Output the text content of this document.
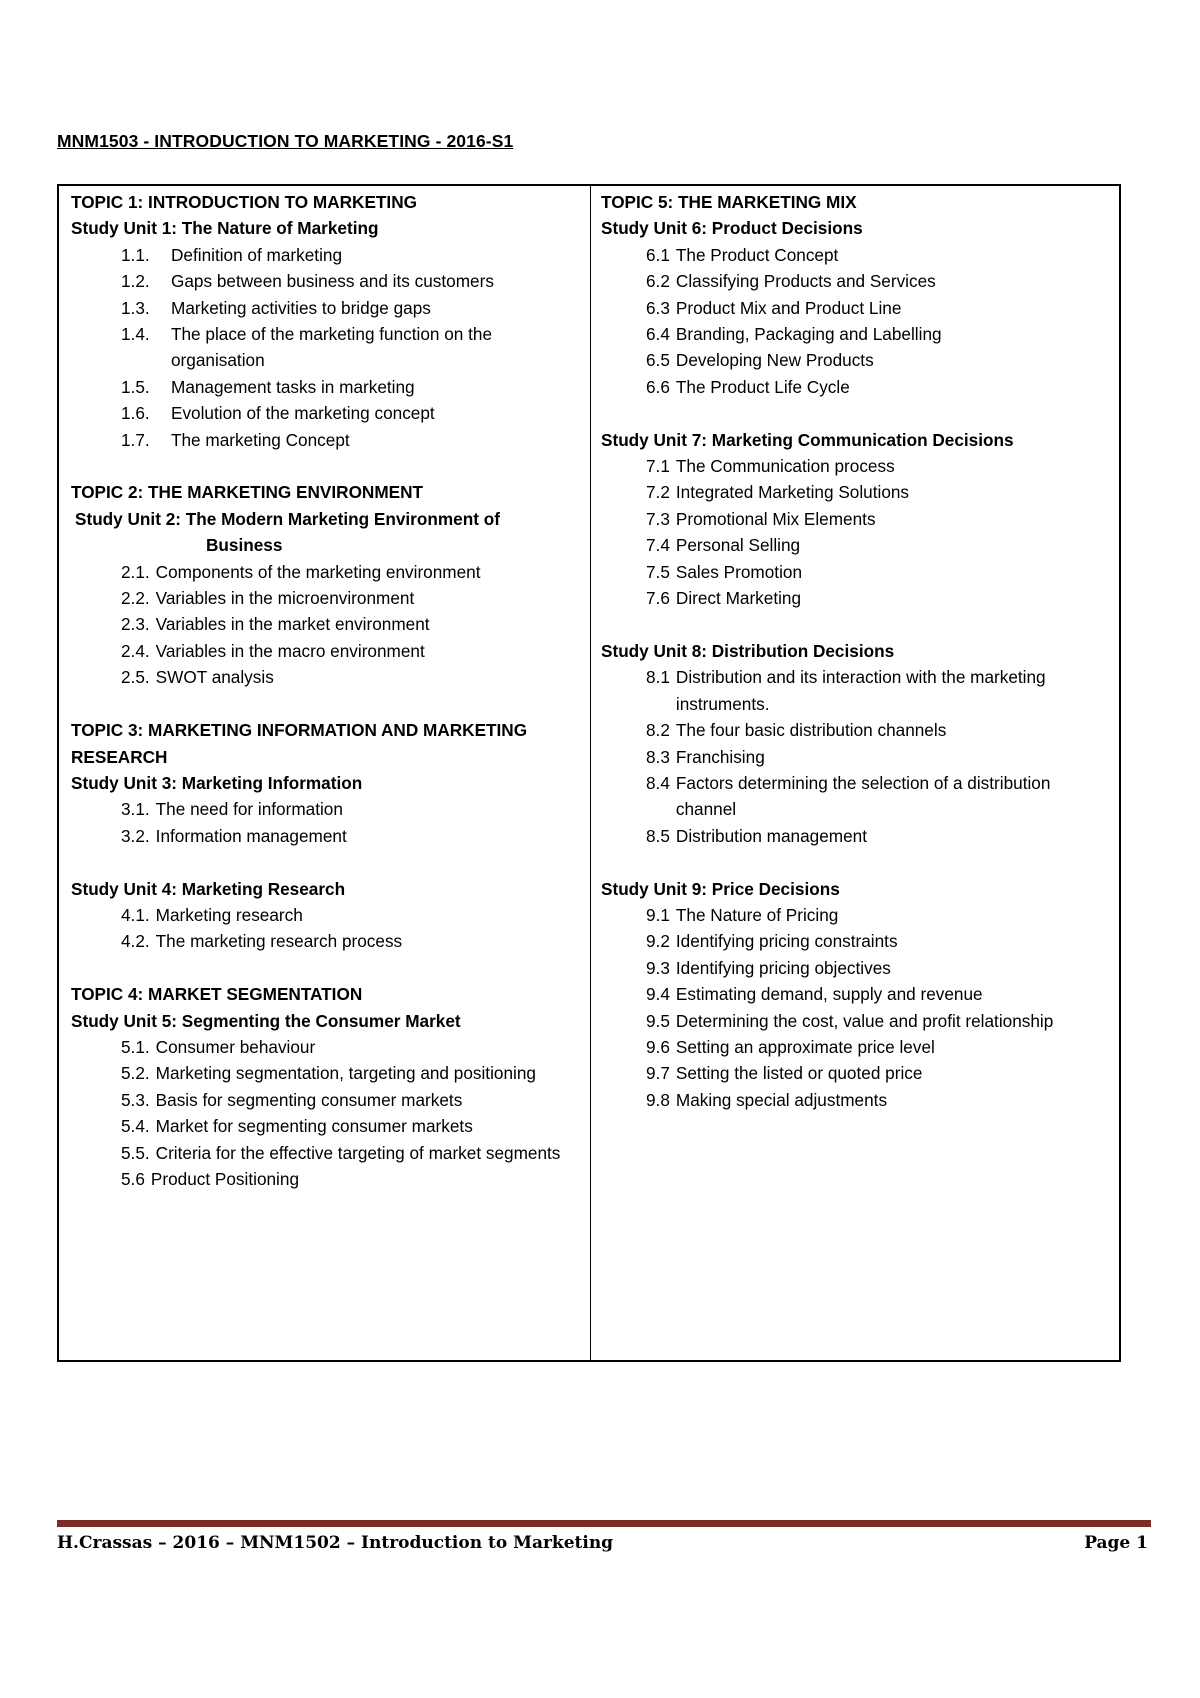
MNM1503 - INTRODUCTION TO MARKETING - 2016-S1
TOPIC 1: INTRODUCTION TO MARKETING
Study Unit 1: The Nature of Marketing
1.1.	Definition of marketing
1.2.	Gaps between business and its customers
1.3.	Marketing activities to bridge gaps
1.4.	The place of the marketing function on the organisation
1.5.	Management tasks in marketing
1.6.	Evolution of the marketing concept
1.7.	The marketing Concept
TOPIC 2: THE MARKETING ENVIRONMENT
Study Unit 2: The Modern Marketing Environment of
Business
2.1. Components of the marketing environment
2.2. Variables in the microenvironment
2.3. Variables in the market environment
2.4. Variables in the macro environment
2.5. SWOT analysis
TOPIC 3: MARKETING INFORMATION AND MARKETING RESEARCH
Study Unit 3: Marketing Information
3.1. The need for information
3.2. Information management
Study Unit 4: Marketing Research
4.1. Marketing research
4.2. The marketing research process
TOPIC 4: MARKET SEGMENTATION
Study Unit 5: Segmenting the Consumer Market
5.1. Consumer behaviour
5.2. Marketing segmentation, targeting and positioning
5.3. Basis for segmenting consumer markets
5.4. Market for segmenting consumer markets
5.5. Criteria for the effective targeting of market segments
5.6 Product Positioning
TOPIC 5: THE MARKETING MIX
Study Unit 6: Product Decisions
6.1 The Product Concept
6.2 Classifying Products and Services
6.3 Product Mix and Product Line
6.4 Branding, Packaging and Labelling
6.5 Developing New Products
6.6 The Product Life Cycle
Study Unit 7: Marketing Communication Decisions
7.1 The Communication process
7.2 Integrated Marketing Solutions
7.3 Promotional Mix Elements
7.4 Personal Selling
7.5 Sales Promotion
7.6 Direct Marketing
Study Unit 8: Distribution Decisions
8.1 Distribution and its interaction with the marketing instruments.
8.2 The four basic distribution channels
8.3 Franchising
8.4 Factors determining the selection of a distribution channel
8.5 Distribution management
Study Unit 9: Price Decisions
9.1 The Nature of Pricing
9.2 Identifying pricing constraints
9.3 Identifying pricing objectives
9.4 Estimating demand, supply and revenue
9.5 Determining the cost, value and profit relationship
9.6 Setting an approximate price level
9.7 Setting the listed or quoted price
9.8 Making special adjustments
H.Crassas – 2016 – MNM1502 – Introduction to Marketing	Page 1
